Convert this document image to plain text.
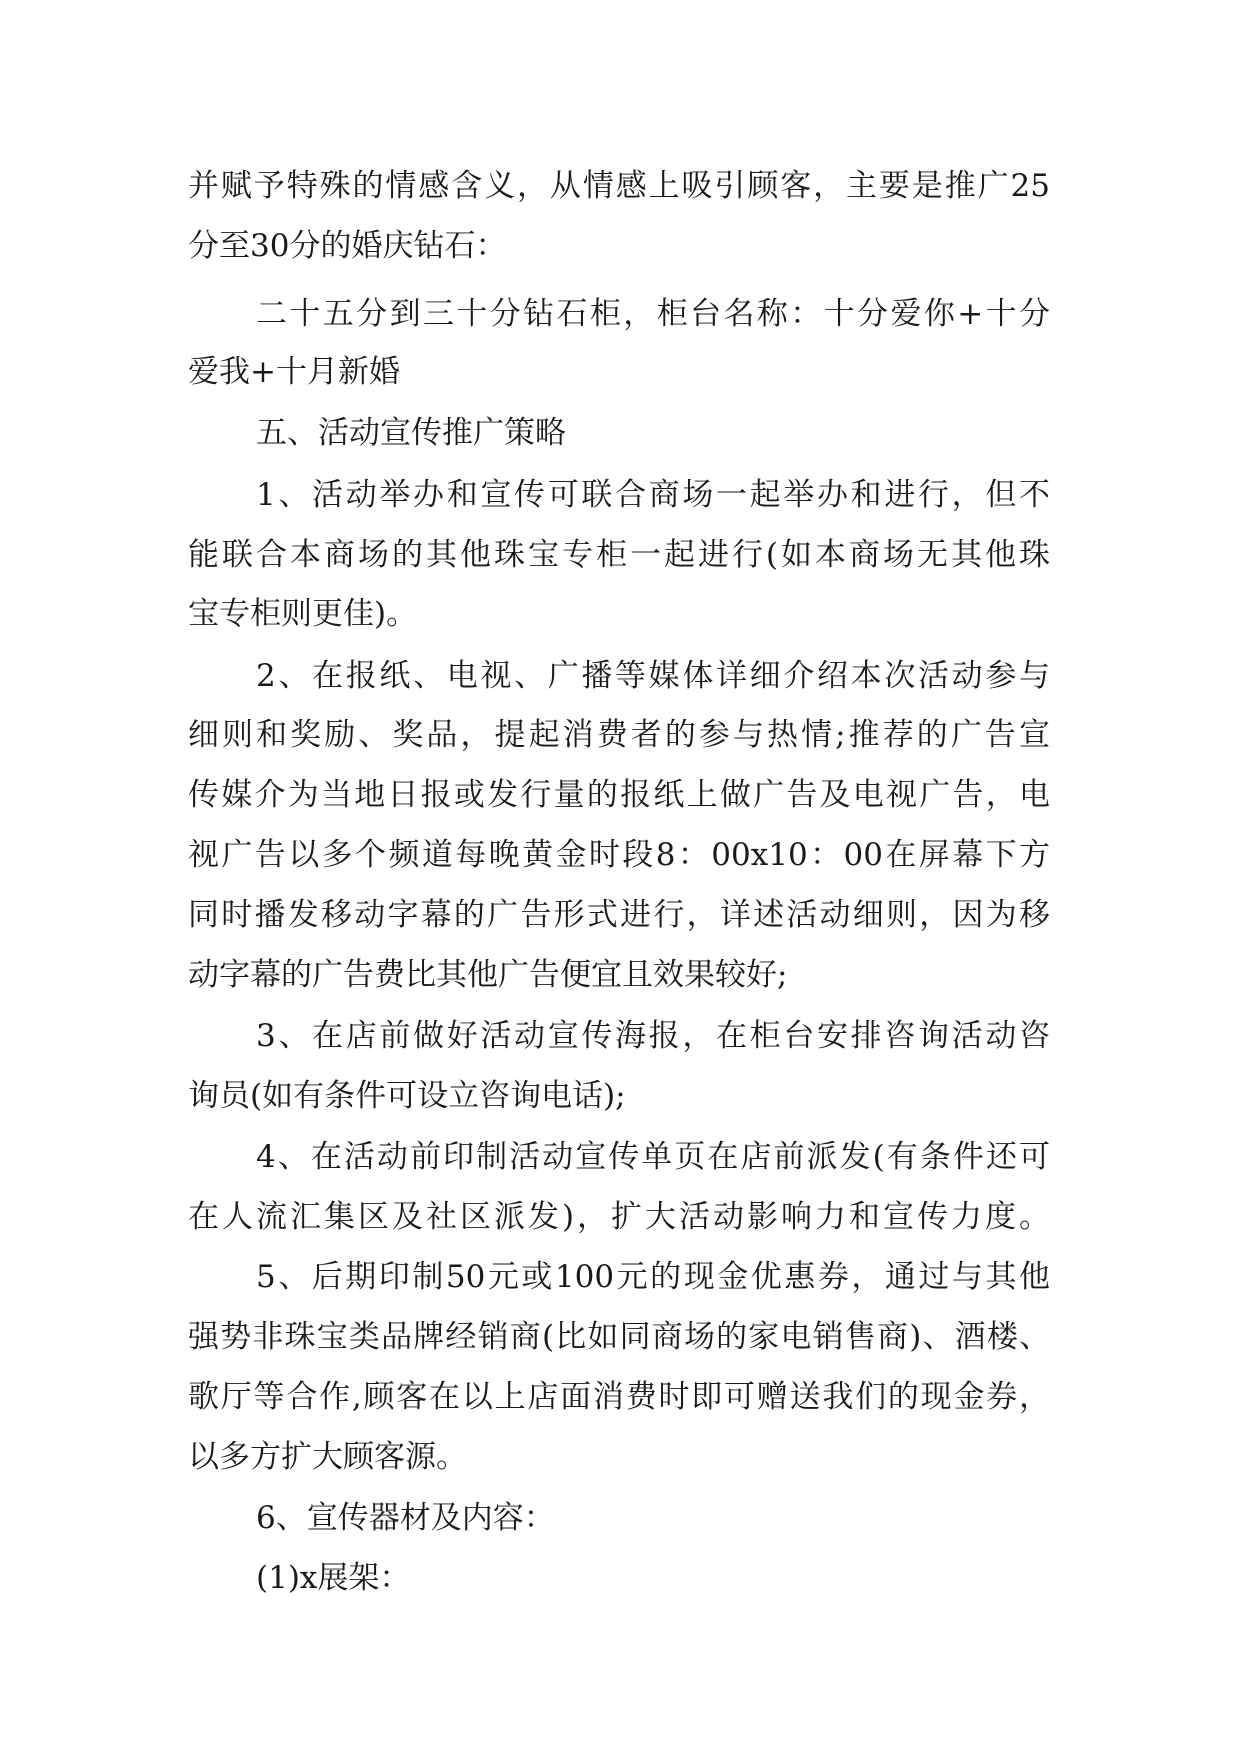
并赋予特殊的情感含义，从情感上吸引顾客，主要是推广25
分至30分的婚庆钻石：
二十五分到三十分钻石柜，柜台名称：十分爱你+十分
爱我+十月新婚
五、活动宣传推广策略
1、活动举办和宣传可联合商场一起举办和进行，但不
能联合本商场的其他珠宝专柜一起进行(如本商场无其他珠
宝专柜则更佳)。
2、在报纸、电视、广播等媒体详细介绍本次活动参与
细则和奖励、奖品，提起消费者的参与热情;推荐的广告宣
传媒介为当地日报或发行量的报纸上做广告及电视广告，电
视广告以多个频道每晚黄金时段8：00x10：00在屏幕下方
同时播发移动字幕的广告形式进行，详述活动细则，因为移
动字幕的广告费比其他广告便宜且效果较好;
3、在店前做好活动宣传海报，在柜台安排咨询活动咨
询员(如有条件可设立咨询电话);
4、在活动前印制活动宣传单页在店前派发(有条件还可
在人流汇集区及社区派发)，扩大活动影响力和宣传力度。
5、后期印制50元或100元的现金优惠券，通过与其他
强势非珠宝类品牌经销商(比如同商场的家电销售商)、酒楼、
歌厅等合作,顾客在以上店面消费时即可赠送我们的现金券，
以多方扩大顾客源。
6、宣传器材及内容：
(1)x展架：
